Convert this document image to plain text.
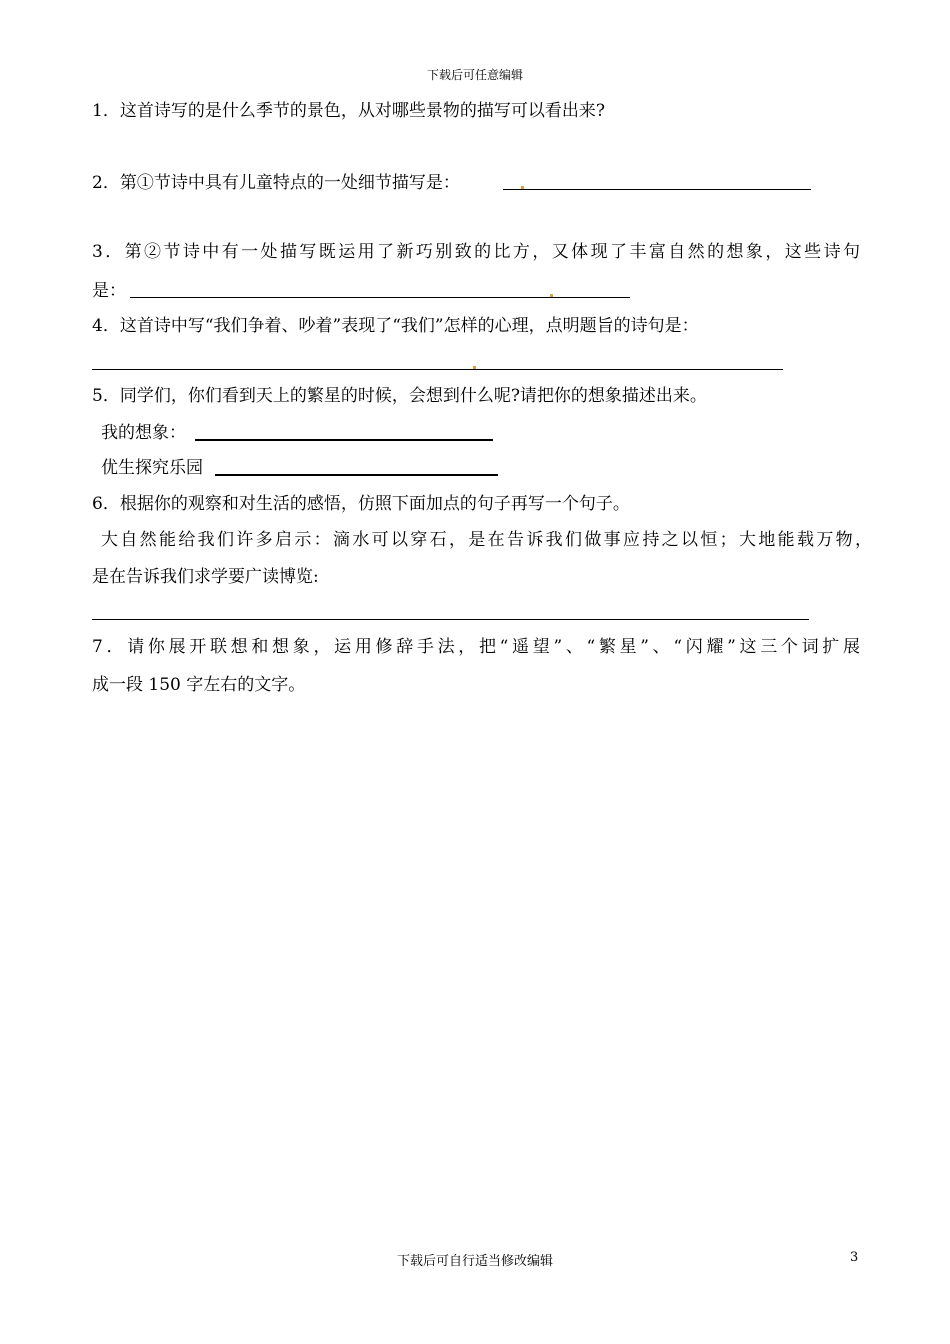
下载后可任意编辑
1．这首诗写的是什么季节的景色，从对哪些景物的描写可以看出来?
2．第①节诗中具有儿童特点的一处细节描写是：
3．第②节诗中有一处描写既运用了新巧别致的比方，又体现了丰富自然的想象，这些诗句
是：
4．这首诗中写“我们争着、吵着”表现了“我们”怎样的心理，点明题旨的诗句是：
5．同学们，你们看到天上的繁星的时候，会想到什么呢?请把你的想象描述出来。
我的想象：
优生探究乐园
6．根据你的观察和对生活的感悟，仿照下面加点的句子再写一个句子。
大自然能给我们许多启示：滴水可以穿石，是在告诉我们做事应持之以恒；大地能载万物，
是在告诉我们求学要广读博览:
7．请你展开联想和想象，运用修辞手法，把“遥望”、“繁星”、“闪耀”这三个词扩展
成一段 150 字左右的文字。
下载后可自行适当修改编辑	3
